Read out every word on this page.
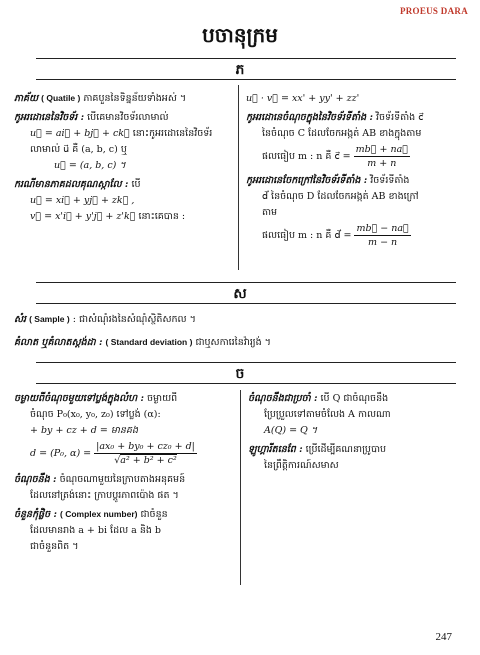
PROEUS DARA
បចានុក្រម
ភ

ភាគ័យ ( Quatile ) ភាគបួននៃទិន្នន័យទាំងអស់ ។

កូអរដោនេនៃវិចទ័រ : បើគេមានវិចទ័រលាមាល់

u⃗ = ai⃗ + bj⃗ + ck⃗ នោះកូអរដោនេនៃវិចទ័រ

លាមាល់ u⃗ គឺ (a, b, c) ឬ

u⃗ = (a, b, c) ។

ករណីមានភាគដលគុណស្កាលែ : បើ

u⃗ = xi⃗ + yj⃗ + zk⃗ ,

v⃗ = x'i⃗ + y'j⃗ + z'k⃗ នោះគេបាន :

u⃗ · v⃗ = xx' + yy' + zz'

កូអរដោនេចំណុចក្នុងនៃវិចទ័រទីតាំង : វិចទ័រទីតាំង c⃗

នៃចំណុច C ដែលចែកអង្កត់ AB ខាងក្នុងតាម

ផលធៀប m : n គឺ c⃗ = $\frac{mb⃗ + na⃗}{m + n}$

កូអរដោនេចែកក្រៅនៃវិចទ័រទីតាំង : វិចទ័រទីតាំង

d⃗ នៃចំណុច D ដែលចែកអង្កត់ AB ខាងក្រៅ

តាម

ផលធៀប m : n គឺ d⃗ = $\frac{mb⃗ - na⃗}{m - n}$

ស

សំរ ( Sample ) : ជាសំណុំរងនៃសំណុំស្ថិតិសកល ។

គំលាត ឬគំលាតស្តង់ដា : ( Standard deviation ) ជាឬសការេនៃវ៉ារ្យង់ ។

ច

ចម្ងាយពីចំណុចមួយទៅប្លង់ក្នុងលំហ : ចម្ងាយពី

ចំណុច P₀(x₀, y₀, z₀) ទៅប្លង់ (α):

+ by + cz + d = មានគង

d = (P₀, $\alpha) = \frac{\text{|ax₀ + by₀ + cz₀ + d|}}{\text{√a² + b² + c²}}$

ចំណុចនឹង : ចំណុចណាមួយនៃក្រាបតាងអនុគមន៍

ដែលនៅត្រង់នោះ ក្រាបប្តូរភាពប៉ោង ផត ។

ចំនួនកុំផ្លិច : ( Complex number) ជាចំនួន

ដែលមានរាង a + bi ដែល a និង b

ជាចំនួនពិត ។

ចំណុចនឹងជាប្រចាំ : បើ Q ជាចំណុចនឹង

ប្រែប្រួលទៅតាមចំលែង A កាលណា

A(Q) = Q ។

ឡូហ្គារីតនេពែ : ប្រើដើម្បីគណនាប្រូបាប

នៃព្រឹត្តិការណ៍សមាស

247
